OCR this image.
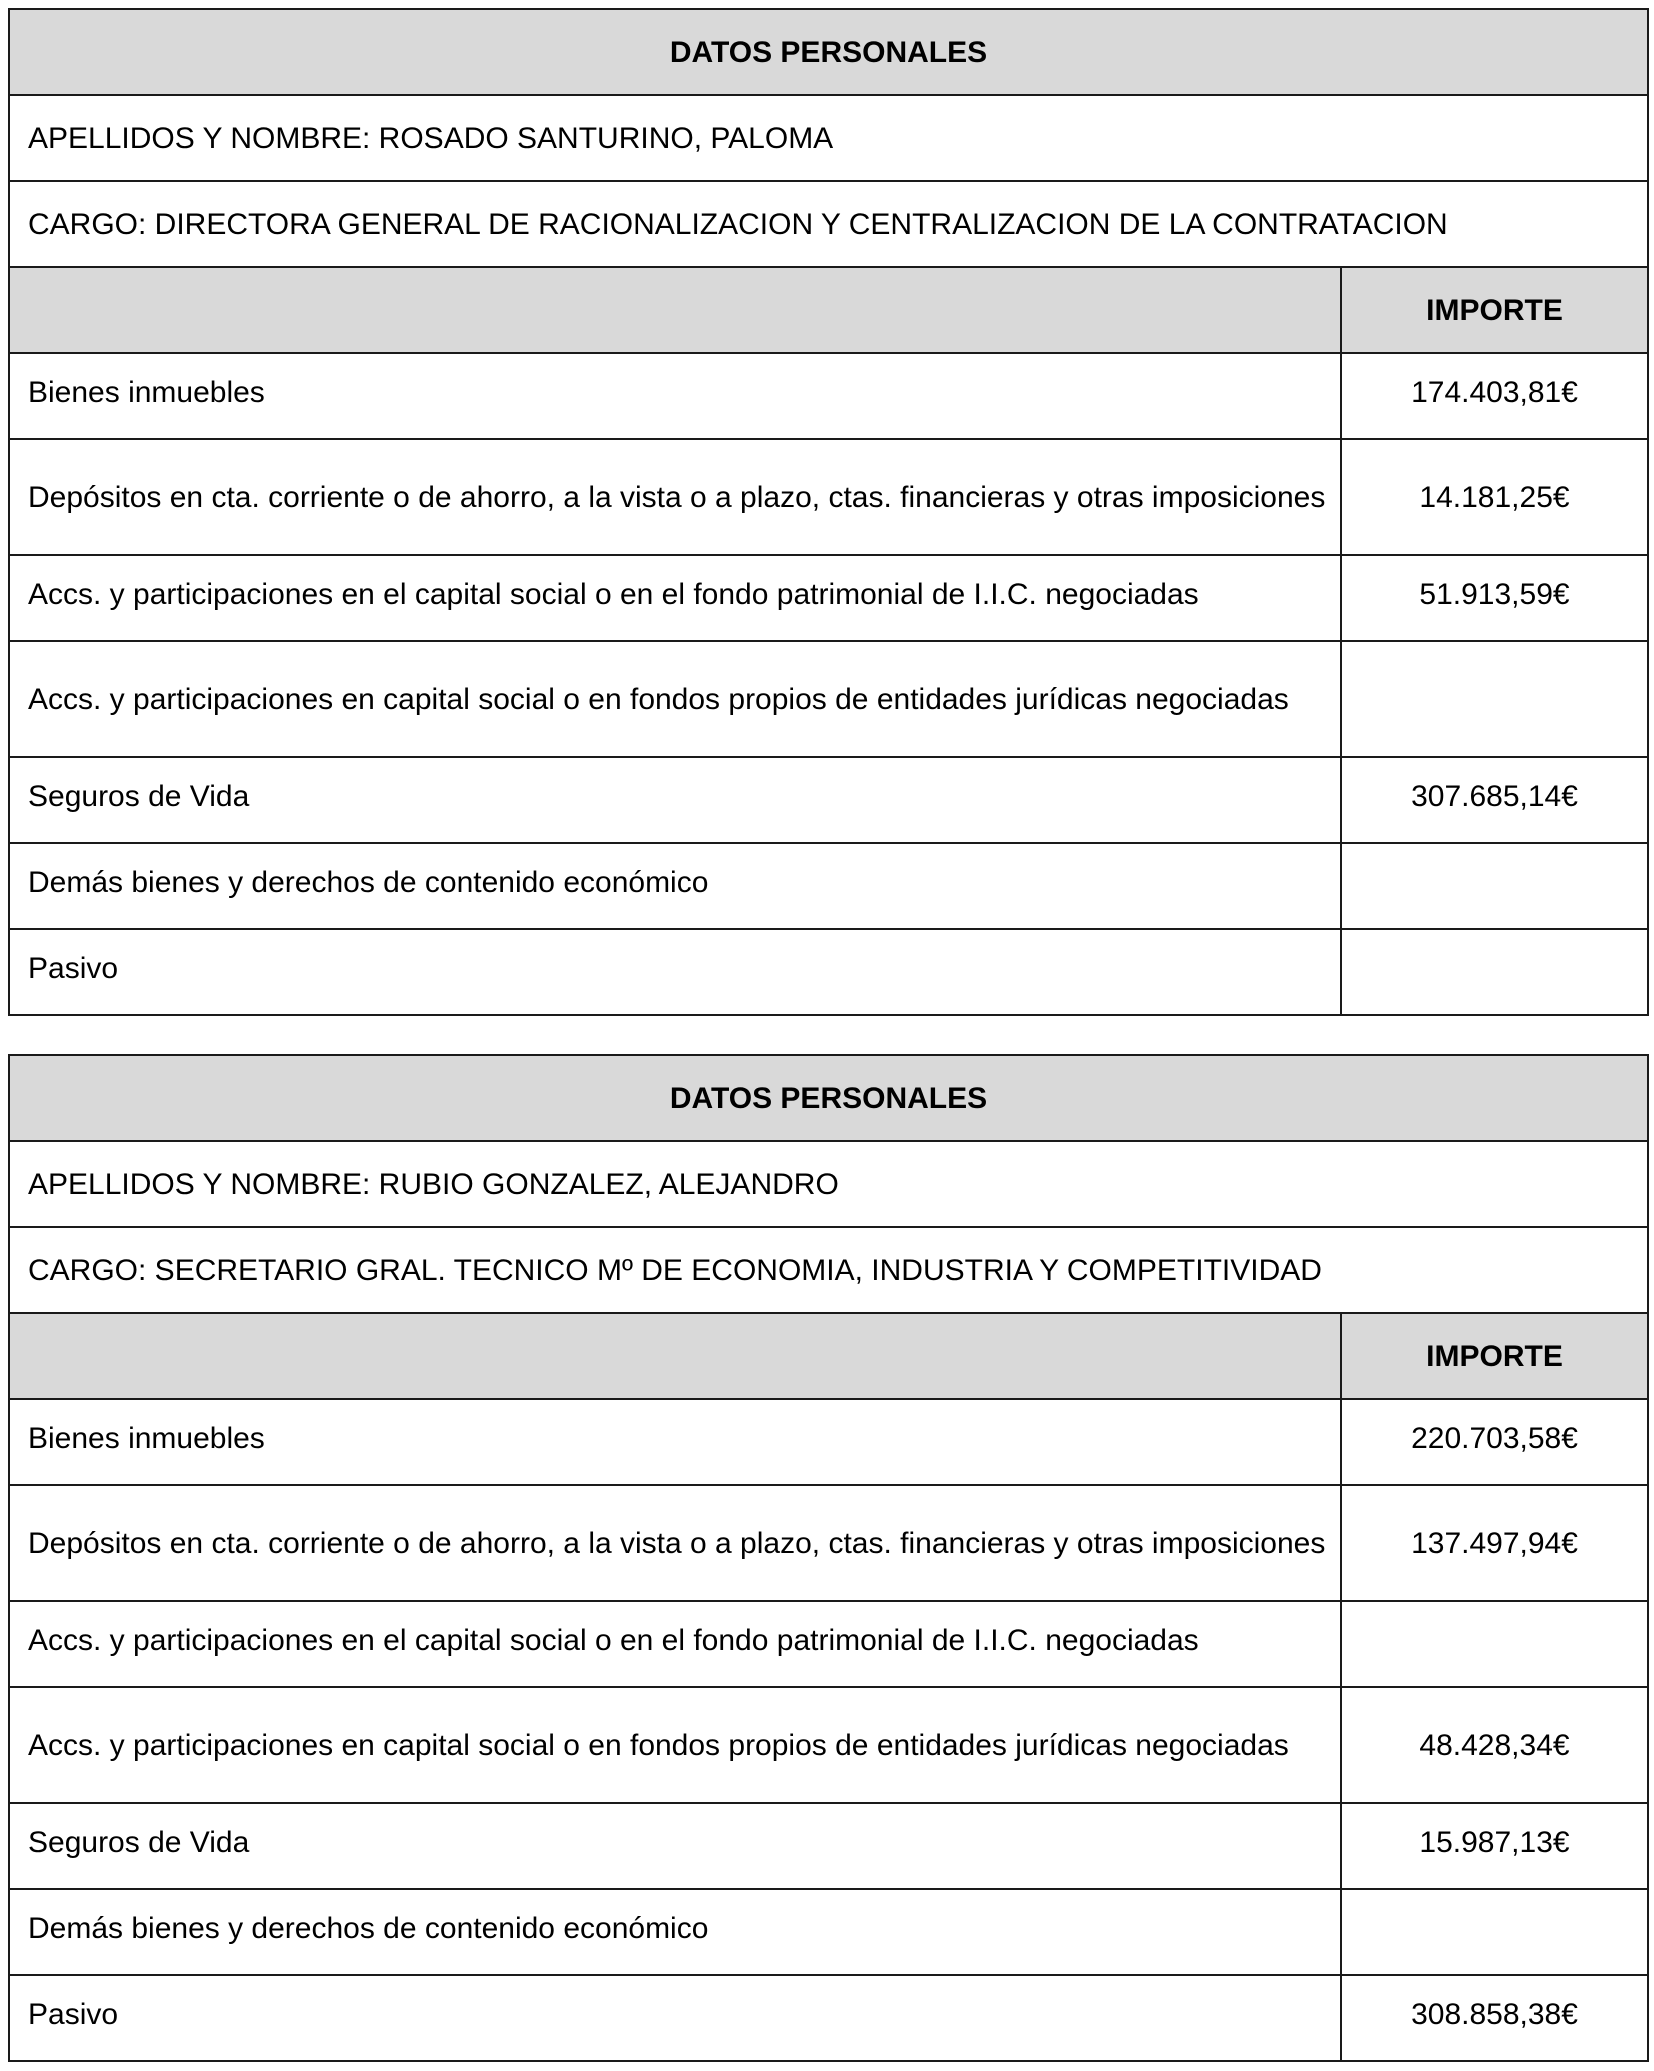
DATOS PERSONALES	
APELLIDOS Y NOMBRE: ROSADO SANTURINO, PALOMA	
CARGO: DIRECTORA GENERAL DE RACIONALIZACION Y CENTRALIZACION DE LA CONTRATACION	
	IMPORTE

Bienes inmuebles	174.403,81€

Depósitos en cta. corriente o de ahorro, a la vista o a plazo, ctas. financieras y otras imposiciones	14.181,25€

Accs. y participaciones en el capital social o en el fondo patrimonial de I.I.C. negociadas	51.913,59€

Accs. y participaciones en capital social o en fondos propios de entidades jurídicas negociadas	

Seguros de Vida	307.685,14€

Demás bienes y derechos de contenido económico	

Pasivo	

DATOS PERSONALES	
APELLIDOS Y NOMBRE: RUBIO GONZALEZ, ALEJANDRO	
CARGO: SECRETARIO GRAL. TECNICO Mº DE ECONOMIA, INDUSTRIA Y COMPETITIVIDAD	
	IMPORTE

Bienes inmuebles	220.703,58€

Depósitos en cta. corriente o de ahorro, a la vista o a plazo, ctas. financieras y otras imposiciones	137.497,94€

Accs. y participaciones en el capital social o en el fondo patrimonial de I.I.C. negociadas	

Accs. y participaciones en capital social o en fondos propios de entidades jurídicas negociadas	48.428,34€

Seguros de Vida	15.987,13€

Demás bienes y derechos de contenido económico	

Pasivo	308.858,38€
